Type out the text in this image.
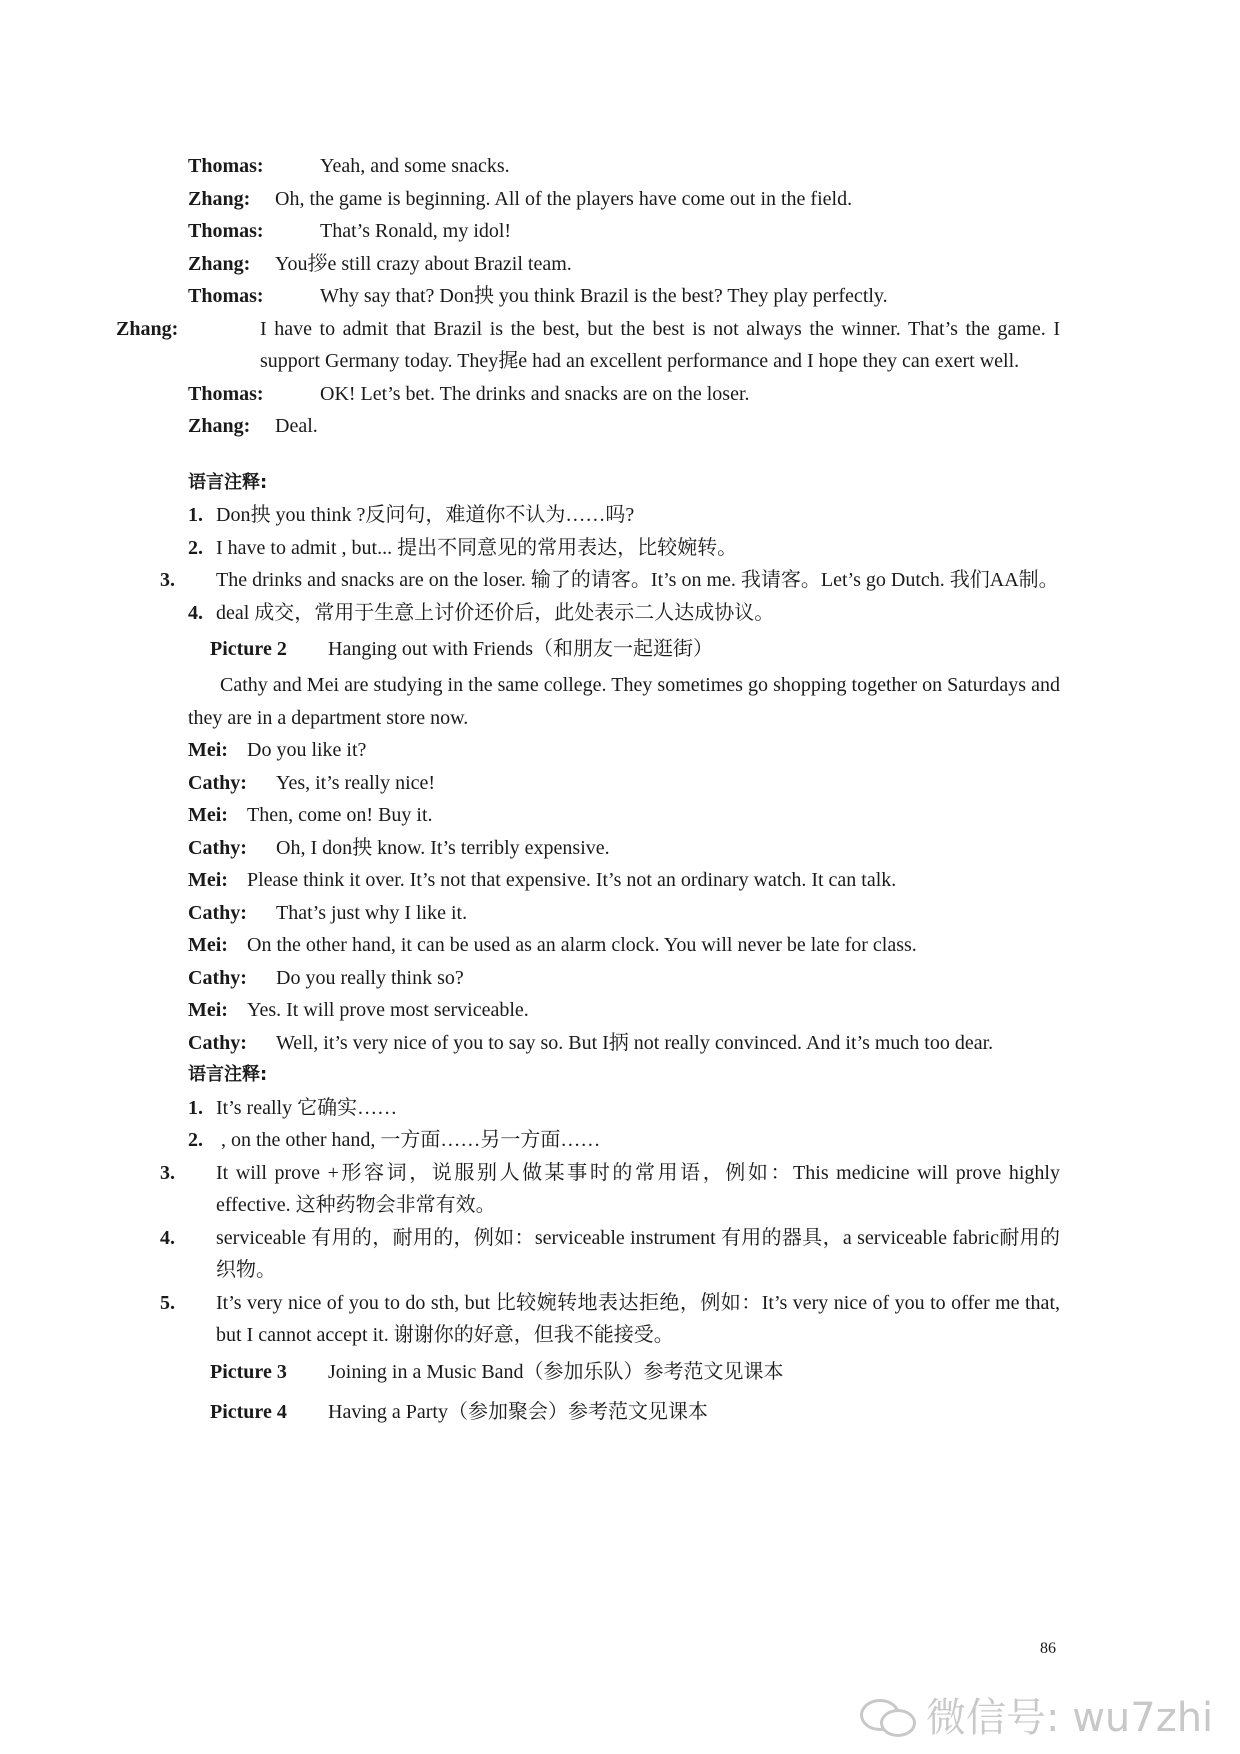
Thomas:	Yeah, and some snacks.
Zhang: Oh, the game is beginning. All of the players have come out in the field.
Thomas:	That’s Ronald, my idol!
Zhang: You拶e still crazy about Brazil team.
Thomas:	Why say that? Don抰 you think Brazil is the best? They play perfectly.
Zhang:	I have to admit that Brazil is the best, but the best is not always the winner. That’s the game. I support Germany today. They捤e had an excellent performance and I hope they can exert well.
Thomas:	OK! Let’s bet. The drinks and snacks are on the loser.
Zhang: Deal.
语言注释:
1. Don抰 you think ?反问句，难道你不认为……吗?
2. I have to admit , but... 提出不同意见的常用表达，比较婉转。
3. The drinks and snacks are on the loser. 输了的请客。It’s on me. 我请客。Let’s go Dutch. 我们AA制。
4. deal 成交，常用于生意上讨价还价后，此处表示二人达成协议。
Picture 2 Hanging out with Friends（和朋友一起逛街）
Cathy and Mei are studying in the same college. They sometimes go shopping together on Saturdays and they are in a department store now.
Mei: Do you like it?
Cathy: Yes, it’s really nice!
Mei: Then, come on! Buy it.
Cathy: Oh, I don抰 know. It’s terribly expensive.
Mei: Please think it over. It’s not that expensive. It’s not an ordinary watch. It can talk.
Cathy: That’s just why I like it.
Mei: On the other hand, it can be used as an alarm clock. You will never be late for class.
Cathy: Do you really think so?
Mei: Yes. It will prove most serviceable.
Cathy: Well, it’s very nice of you to say so. But I抦 not really convinced. And it’s much too dear.
语言注释:
1. It’s really 它确实……
2. , on the other hand, 一方面……另一方面……
3. It will prove +形容词，说服别人做某事时的常用语，例如：This medicine will prove highly effective. 这种药物会非常有效。
4. serviceable 有用的，耐用的，例如：serviceable instrument 有用的器具，a serviceable fabric耐用的织物。
5. It’s very nice of you to do sth, but 比较婉转地表达拒绝，例如：It’s very nice of you to offer me that, but I cannot accept it. 谢谢你的好意，但我不能接受。
Picture 3 Joining in a Music Band（参加乐队）参考范文见课本
Picture 4 Having a Party（参加聚会）参考范文见课本
86
微信号: wu7zhi
